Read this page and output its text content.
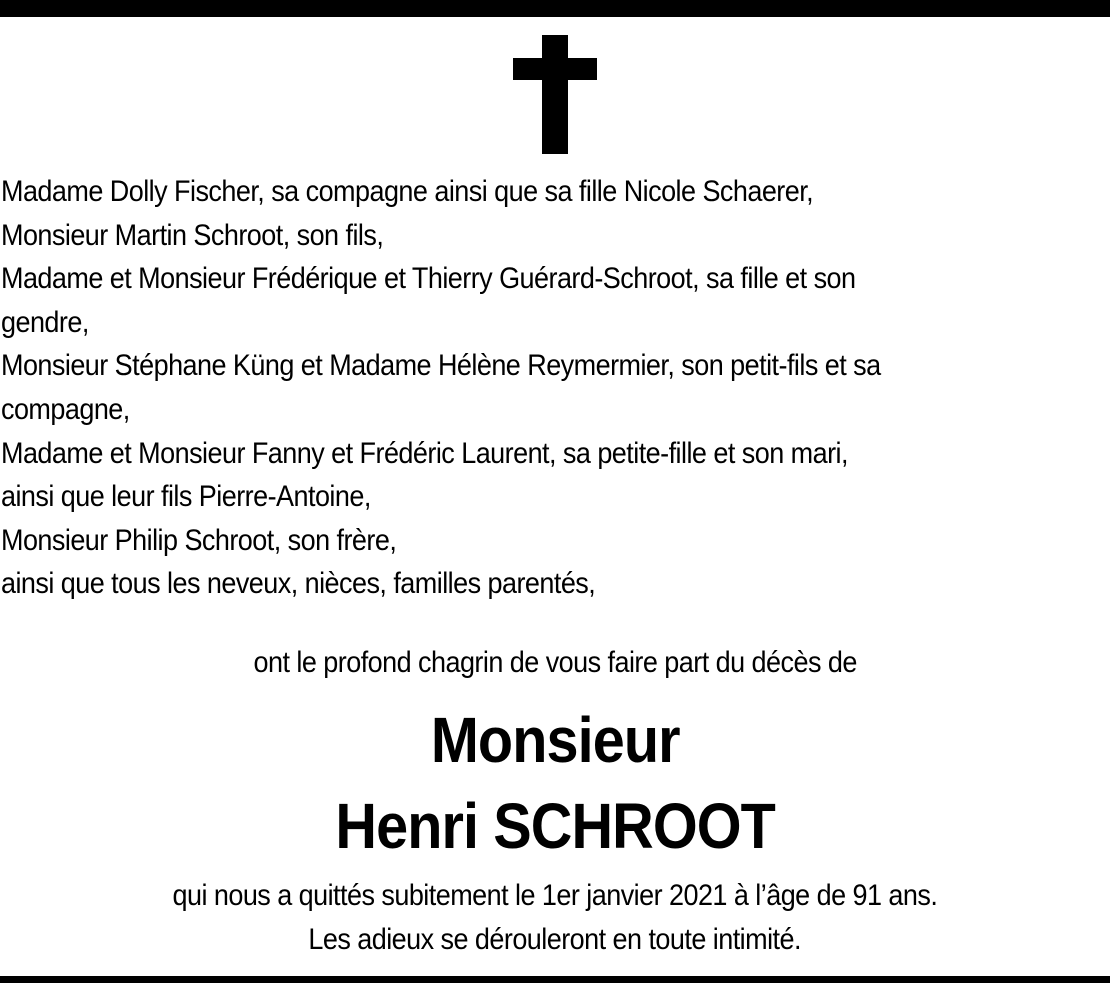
Madame Dolly Fischer, sa compagne ainsi que sa fille Nicole Schaerer,
Monsieur Martin Schroot, son fils,
Madame et Monsieur Frédérique et Thierry Guérard-Schroot, sa fille et son
gendre,
Monsieur Stéphane Küng et Madame Hélène Reymermier, son petit-fils et sa
compagne,
Madame et Monsieur Fanny et Frédéric Laurent, sa petite-fille et son mari,
ainsi que leur fils Pierre-Antoine,
Monsieur Philip Schroot, son frère,
ainsi que tous les neveux, nièces, familles parentés,
ont le profond chagrin de vous faire part du décès de
Monsieur
Henri SCHROOT
qui nous a quittés subitement le 1er janvier 2021 à l’âge de 91 ans.
Les adieux se dérouleront en toute intimité.
